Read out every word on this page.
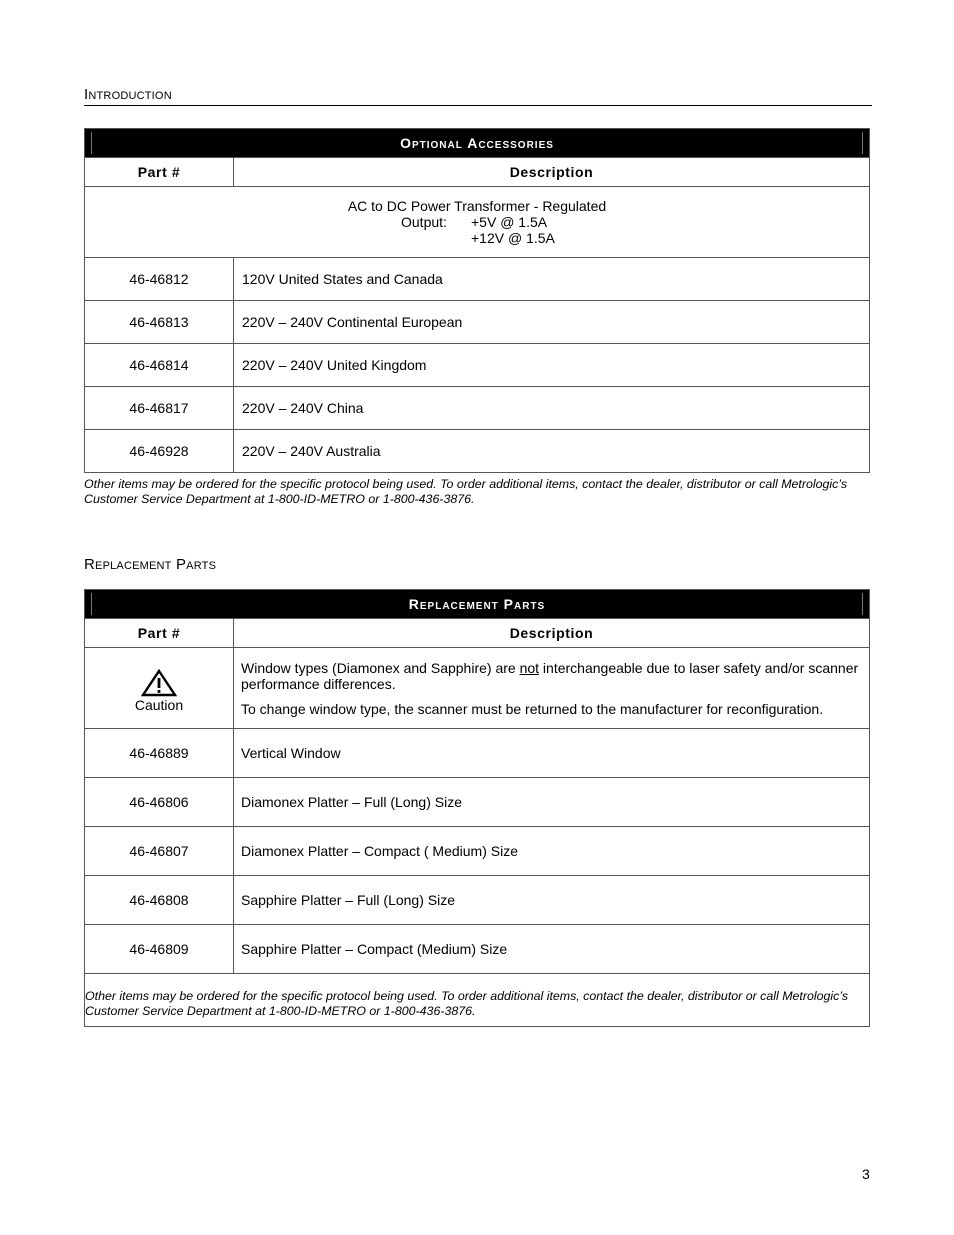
Introduction
Optional Accessories	

Part #	Description

AC to DC Power Transformer - Regulated
Output: +5V @ 1.5A
+12V @ 1.5A	

46-46812	120V United States and Canada
46-46813	220V – 240V Continental European
46-46814	220V – 240V United Kingdom
46-46817	220V – 240V China
46-46928	220V – 240V Australia
Other items may be ordered for the specific protocol being used. To order additional items, contact the dealer, distributor or call Metrologic’s
Customer Service Department at 1-800-ID-METRO or 1-800-436-3876.
Replacement Parts
Replacement Parts	

Part #	Description

Caution	Window types (Diamonex and Sapphire) are not interchangeable due to laser safety and/or scanner performance differences.

To change window type, the scanner must be returned to the manufacturer for reconfiguration.

46-46889	Vertical Window
46-46806	Diamonex Platter – Full (Long) Size
46-46807	Diamonex Platter – Compact ( Medium) Size
46-46808	Sapphire Platter – Full (Long) Size
46-46809	Sapphire Platter – Compact (Medium) Size

Other items may be ordered for the specific protocol being used. To order additional items, contact the dealer, distributor or call Metrologic’s
Customer Service Department at 1-800-ID-METRO or 1-800-436-3876.	
3
